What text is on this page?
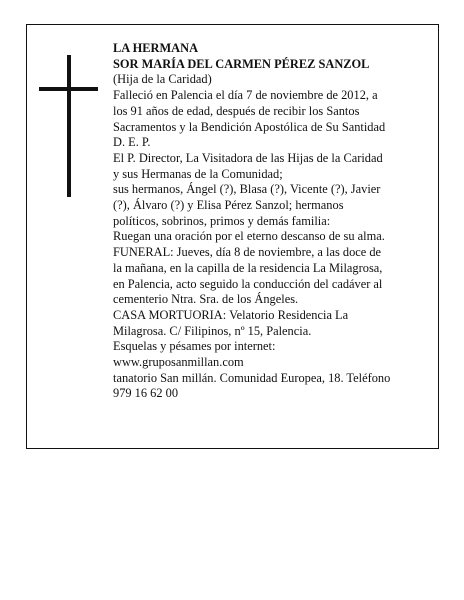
LA HERMANA
SOR MARÍA DEL CARMEN PÉREZ SANZOL
(Hija de la Caridad)
Falleció en Palencia el día 7 de noviembre de 2012, a
los 91 años de edad, después de recibir los Santos
Sacramentos y la Bendición Apostólica de Su Santidad
D. E. P.
El P. Director, La Visitadora de las Hijas de la Caridad
y sus Hermanas de la Comunidad;
sus hermanos, Ángel (?), Blasa (?), Vicente (?), Javier
(?), Álvaro (?) y Elisa Pérez Sanzol; hermanos
políticos, sobrinos, primos y demás familia:
Ruegan una oración por el eterno descanso de su alma.
FUNERAL: Jueves, día 8 de noviembre, a las doce de
la mañana, en la capilla de la residencia La Milagrosa,
en Palencia, acto seguido la conducción del cadáver al
cementerio Ntra. Sra. de los Ángeles.
CASA MORTUORIA: Velatorio Residencia La
Milagrosa. C/ Filipinos, nº 15, Palencia.
Esquelas y pésames por internet:
www.gruposanmillan.com
tanatorio San millán. Comunidad Europea, 18. Teléfono
979 16 62 00
